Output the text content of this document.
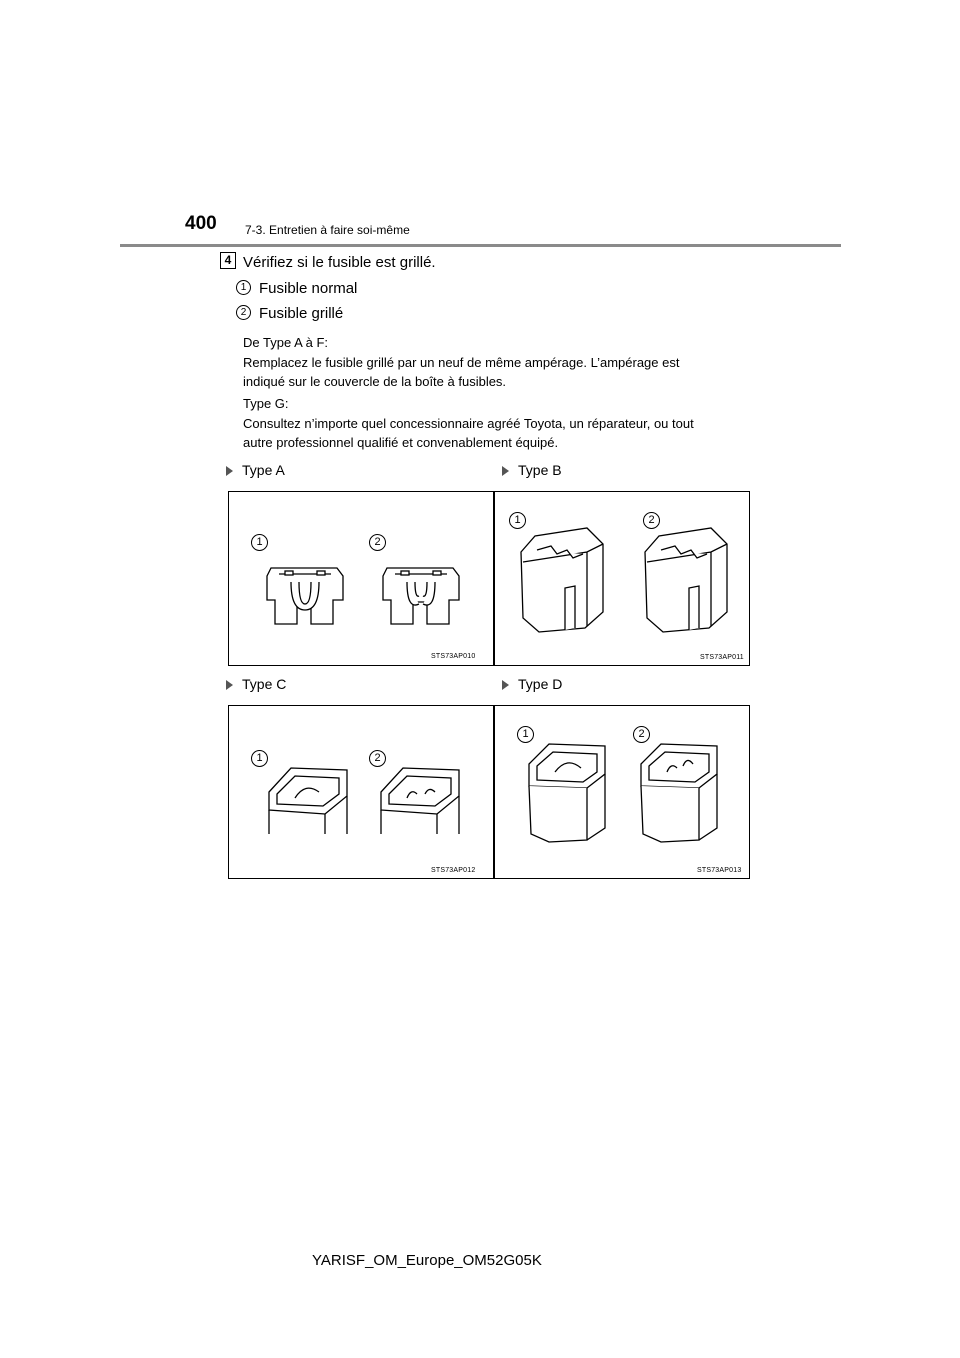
400 7-3. Entretien à faire soi-même
4 Vérifiez si le fusible est grillé.
1 Fusible normal
2 Fusible grillé
De Type A à F:
Remplacez le fusible grillé par un neuf de même ampérage. L’ampérage est
indiqué sur le couvercle de la boîte à fusibles.
Type G:
Consultez n’importe quel concessionnaire agréé Toyota, un réparateur, ou tout
autre professionnel qualifié et convenablement équipé.
Type A	Type B
Type C	Type D
1	2
STS73AP010
1	2
STS73AP011
1	2
STS73AP012
1	2
STS73AP013
YARISF_OM_Europe_OM52G05K
